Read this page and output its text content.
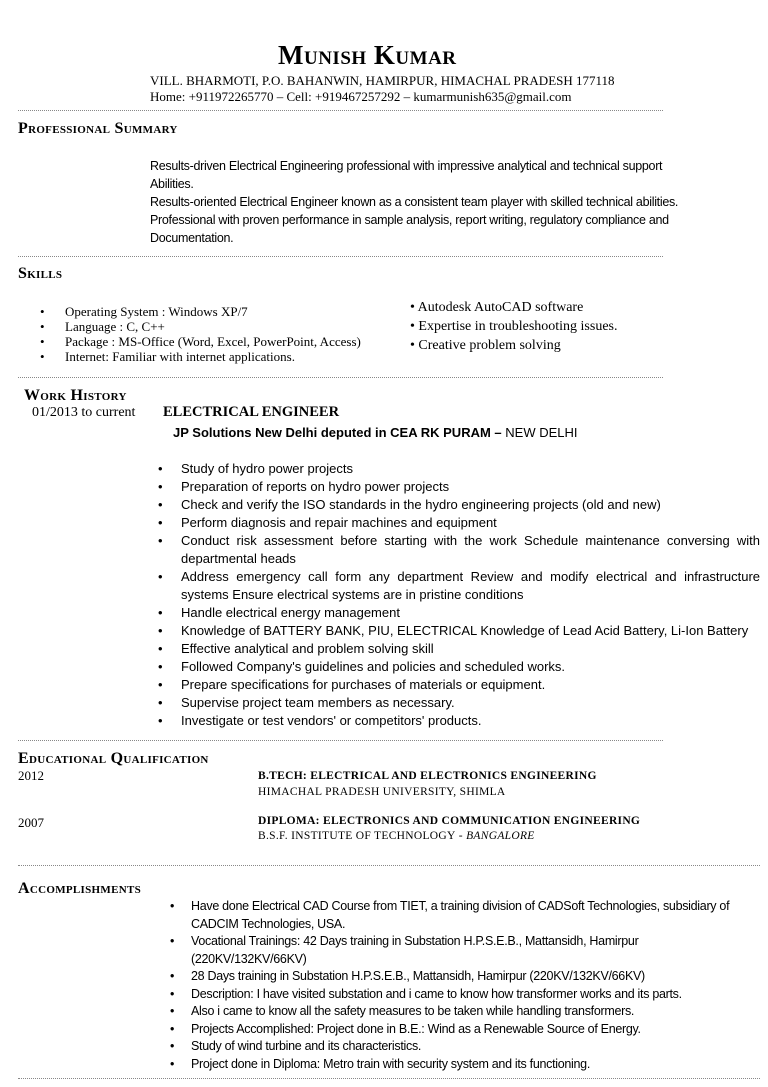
Munish Kumar
VILL. BHARMOTI, P.O. BAHANWIN, HAMIRPUR, HIMACHAL PRADESH 177118
Home: +911972265770 – Cell: +919467257292 – kumarmunish635@gmail.com
Professional Summary
Results-driven Electrical Engineering professional with impressive analytical and technical support
Abilities.
Results-oriented Electrical Engineer known as a consistent team player with skilled technical abilities.
Professional with proven performance in sample analysis, report writing, regulatory compliance and
Documentation.
Skills
• Operating System : Windows XP/7
• Language : C, C++
• Package : MS-Office (Word, Excel, PowerPoint, Access)
• Internet: Familiar with internet applications.
• Autodesk AutoCAD software
• Expertise in troubleshooting issues.
• Creative problem solving
Work History
01/2013 to current ELECTRICAL ENGINEER
JP Solutions New Delhi deputed in CEA RK PURAM – NEW DELHI
• Study of hydro power projects
• Preparation of reports on hydro power projects
• Check and verify the ISO standards in the hydro engineering projects (old and new)
• Perform diagnosis and repair machines and equipment
• Conduct risk assessment before starting with the work Schedule maintenance conversing with departmental heads
• Address emergency call form any department Review and modify electrical and infrastructure systems Ensure electrical systems are in pristine conditions
• Handle electrical energy management
• Knowledge of BATTERY BANK, PIU, ELECTRICAL Knowledge of Lead Acid Battery, Li-Ion Battery
• Effective analytical and problem solving skill
• Followed Company's guidelines and policies and scheduled works.
• Prepare specifications for purchases of materials or equipment.
• Supervise project team members as necessary.
• Investigate or test vendors' or competitors' products.
Educational Qualification
2012	B.TECH: ELECTRICAL AND ELECTRONICS ENGINEERING
HIMACHAL PRADESH UNIVERSITY, SHIMLA
2007	DIPLOMA: ELECTRONICS AND COMMUNICATION ENGINEERING
B.S.F. INSTITUTE OF TECHNOLOGY - BANGALORE
Accomplishments
• Have done Electrical CAD Course from TIET, a training division of CADSoft Technologies, subsidiary of CADCIM Technologies, USA.
• Vocational Trainings: 42 Days training in Substation H.P.S.E.B., Mattansidh, Hamirpur (220KV/132KV/66KV)
• 28 Days training in Substation H.P.S.E.B., Mattansidh, Hamirpur (220KV/132KV/66KV)
• Description: I have visited substation and i came to know how transformer works and its parts.
• Also i came to know all the safety measures to be taken while handling transformers.
• Projects Accomplished: Project done in B.E.: Wind as a Renewable Source of Energy.
• Study of wind turbine and its characteristics.
• Project done in Diploma: Metro train with security system and its functioning.
